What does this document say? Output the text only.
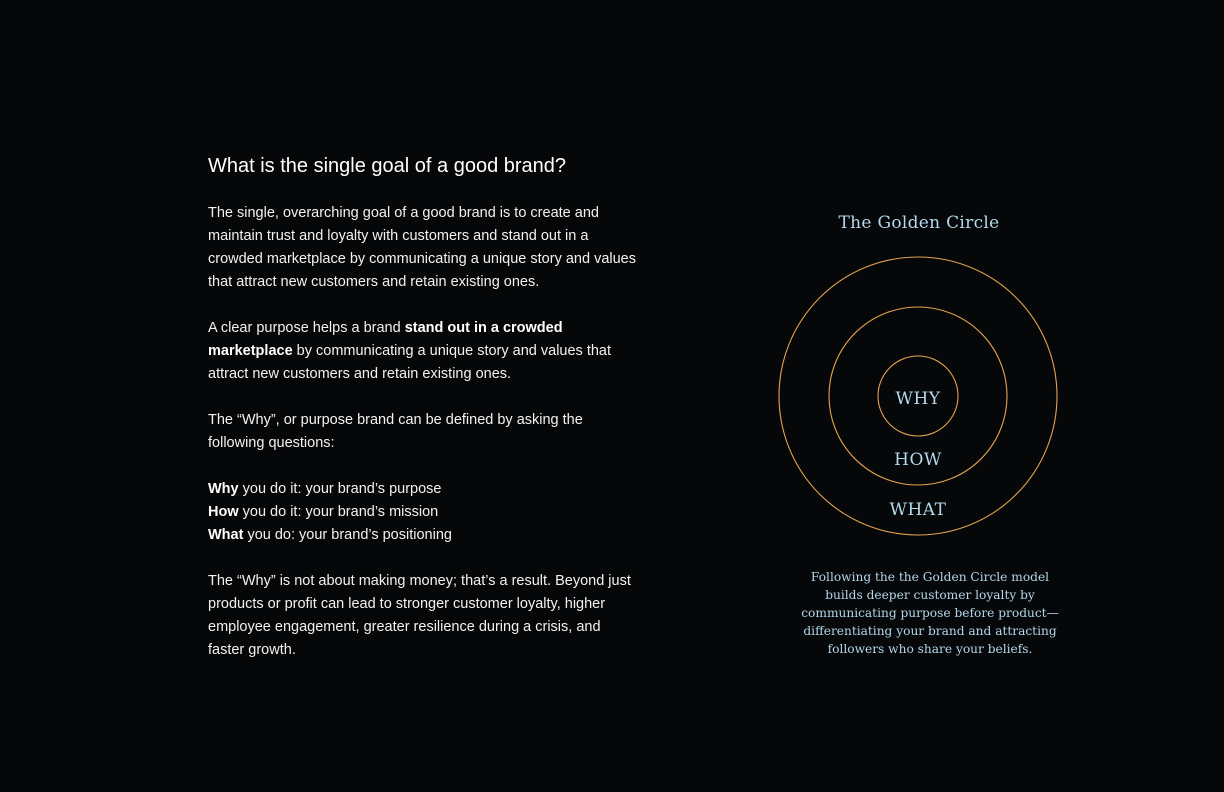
What is the single goal of a good brand?

The single, overarching goal of a good brand is to create and maintain trust and loyalty with customers and stand out in a crowded marketplace by communicating a unique story and values that attract new customers and retain existing ones.

A clear purpose helps a brand stand out in a crowded marketplace by communicating a unique story and values that attract new customers and retain existing ones.

The “Why”, or purpose brand can be defined by asking the following questions:

Why you do it: your brand’s purpose
How you do it: your brand’s mission
What you do: your brand’s positioning

The “Why” is not about making money; that’s a result. Beyond just products or profit can lead to stronger customer loyalty, higher employee engagement, greater resilience during a crisis, and faster growth.

The Golden Circle
WHY
HOW
WHAT
Following the the Golden Circle model builds deeper customer loyalty by communicating purpose before product—differentiating your brand and attracting followers who share your beliefs.
